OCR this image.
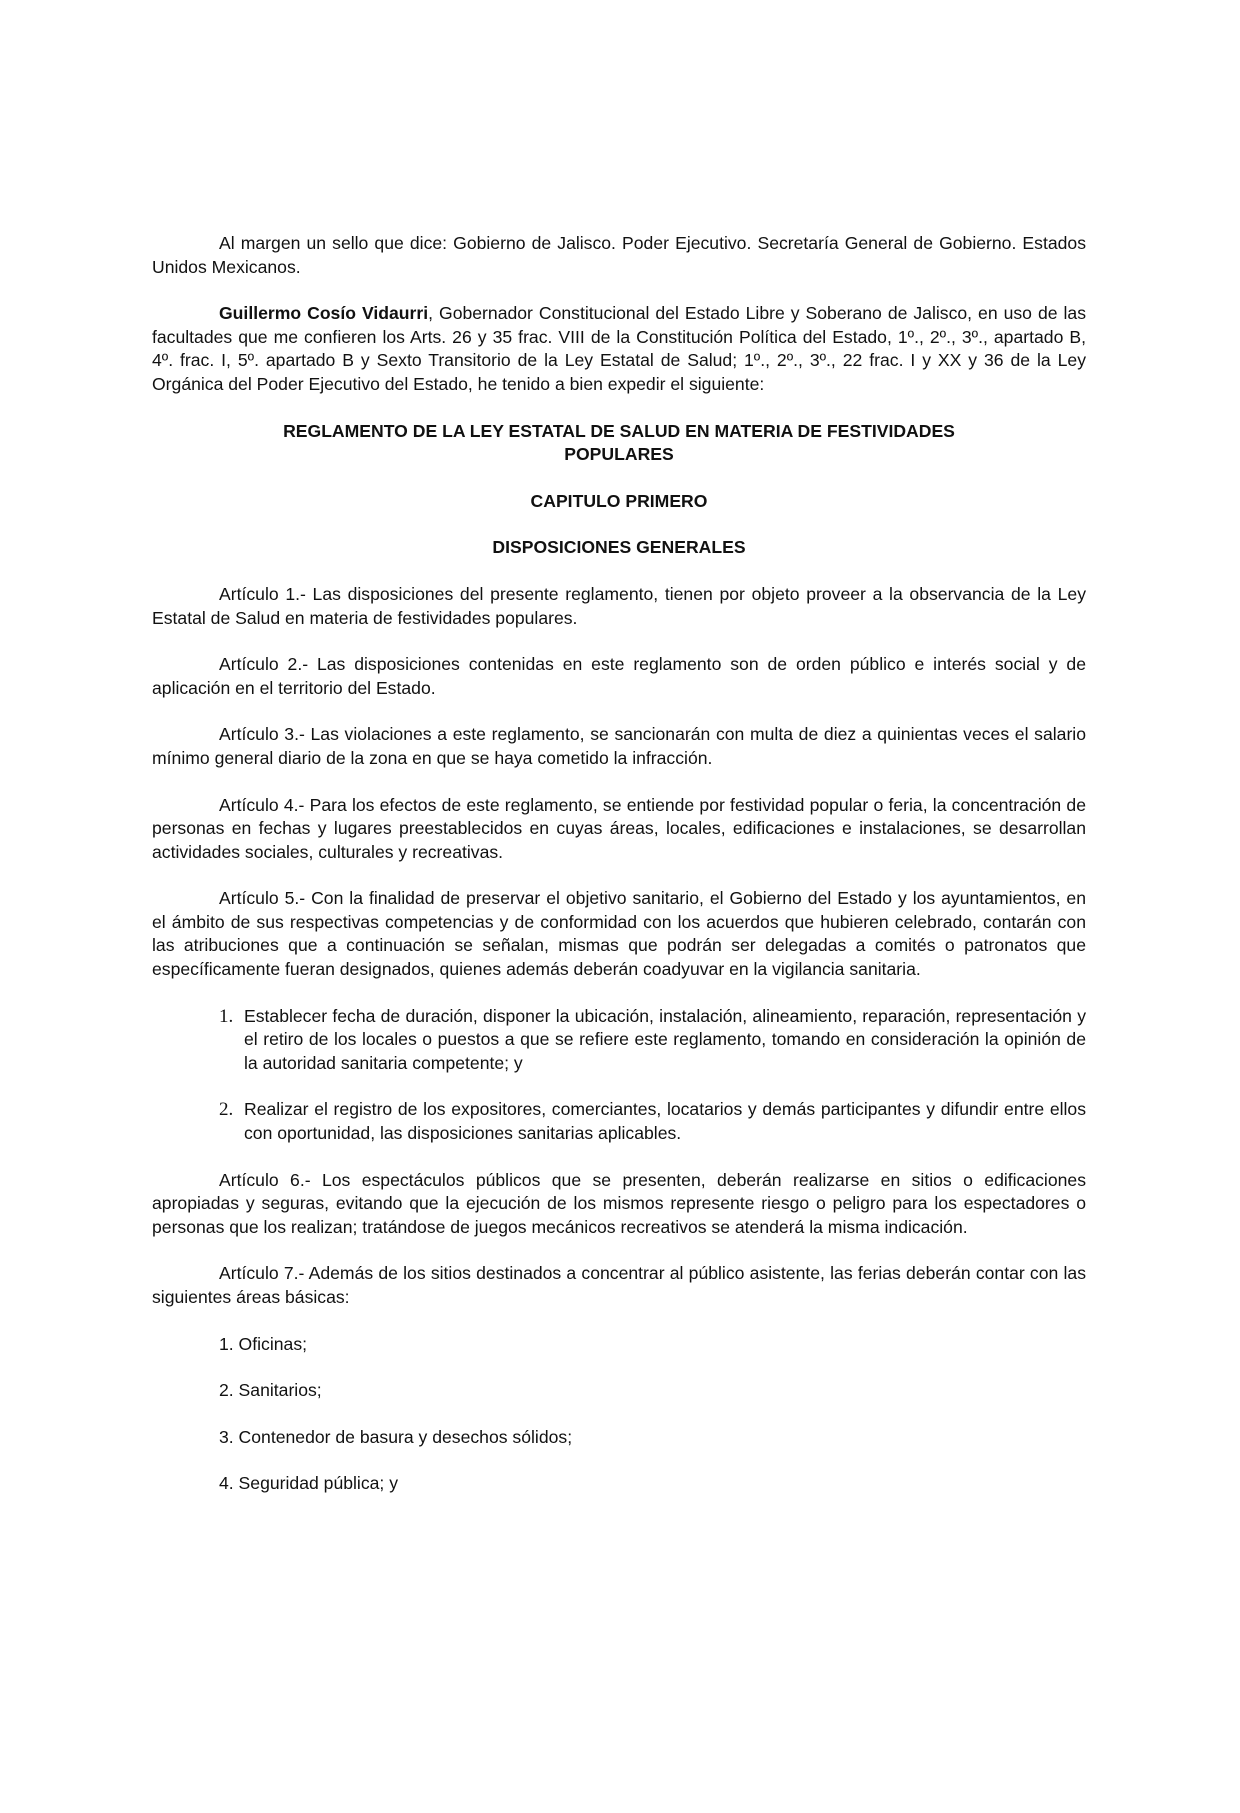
Al margen un sello que dice: Gobierno de Jalisco. Poder Ejecutivo. Secretaría General de Gobierno. Estados Unidos Mexicanos.

Guillermo Cosío Vidaurri, Gobernador Constitucional del Estado Libre y Soberano de Jalisco, en uso de las facultades que me confieren los Arts. 26 y 35 frac. VIII de la Constitución Política del Estado, 1º., 2º., 3º., apartado B, 4º. frac. I, 5º. apartado B y Sexto Transitorio de la Ley Estatal de Salud; 1º., 2º., 3º., 22 frac. I y XX y 36 de la Ley Orgánica del Poder Ejecutivo del Estado, he tenido a bien expedir el siguiente:

REGLAMENTO DE LA LEY ESTATAL DE SALUD EN MATERIA DE FESTIVIDADES POPULARES
CAPITULO PRIMERO
DISPOSICIONES GENERALES

Artículo 1.- Las disposiciones del presente reglamento, tienen por objeto proveer a la observancia de la Ley Estatal de Salud en materia de festividades populares.

Artículo 2.- Las disposiciones contenidas en este reglamento son de orden público e interés social y de aplicación en el territorio del Estado.

Artículo 3.- Las violaciones a este reglamento, se sancionarán con multa de diez a quinientas veces el salario mínimo general diario de la zona en que se haya cometido la infracción.

Artículo 4.- Para los efectos de este reglamento, se entiende por festividad popular o feria, la concentración de personas en fechas y lugares preestablecidos en cuyas áreas, locales, edificaciones e instalaciones, se desarrollan actividades sociales, culturales y recreativas.

Artículo 5.- Con la finalidad de preservar el objetivo sanitario, el Gobierno del Estado y los ayuntamientos, en el ámbito de sus respectivas competencias y de conformidad con los acuerdos que hubieren celebrado, contarán con las atribuciones que a continuación se señalan, mismas que podrán ser delegadas a comités o patronatos que específicamente fueran designados, quienes además deberán coadyuvar en la vigilancia sanitaria.

1. Establecer fecha de duración, disponer la ubicación, instalación, alineamiento, reparación, representación y el retiro de los locales o puestos a que se refiere este reglamento, tomando en consideración la opinión de la autoridad sanitaria competente; y
2. Realizar el registro de los expositores, comerciantes, locatarios y demás participantes y difundir entre ellos con oportunidad, las disposiciones sanitarias aplicables.

Artículo 6.- Los espectáculos públicos que se presenten, deberán realizarse en sitios o edificaciones apropiadas y seguras, evitando que la ejecución de los mismos represente riesgo o peligro para los espectadores o personas que los realizan; tratándose de juegos mecánicos recreativos se atenderá la misma indicación.

Artículo 7.- Además de los sitios destinados a concentrar al público asistente, las ferias deberán contar con las siguientes áreas básicas:

1. Oficinas;
2. Sanitarios;
3. Contenedor de basura y desechos sólidos;
4. Seguridad pública; y
